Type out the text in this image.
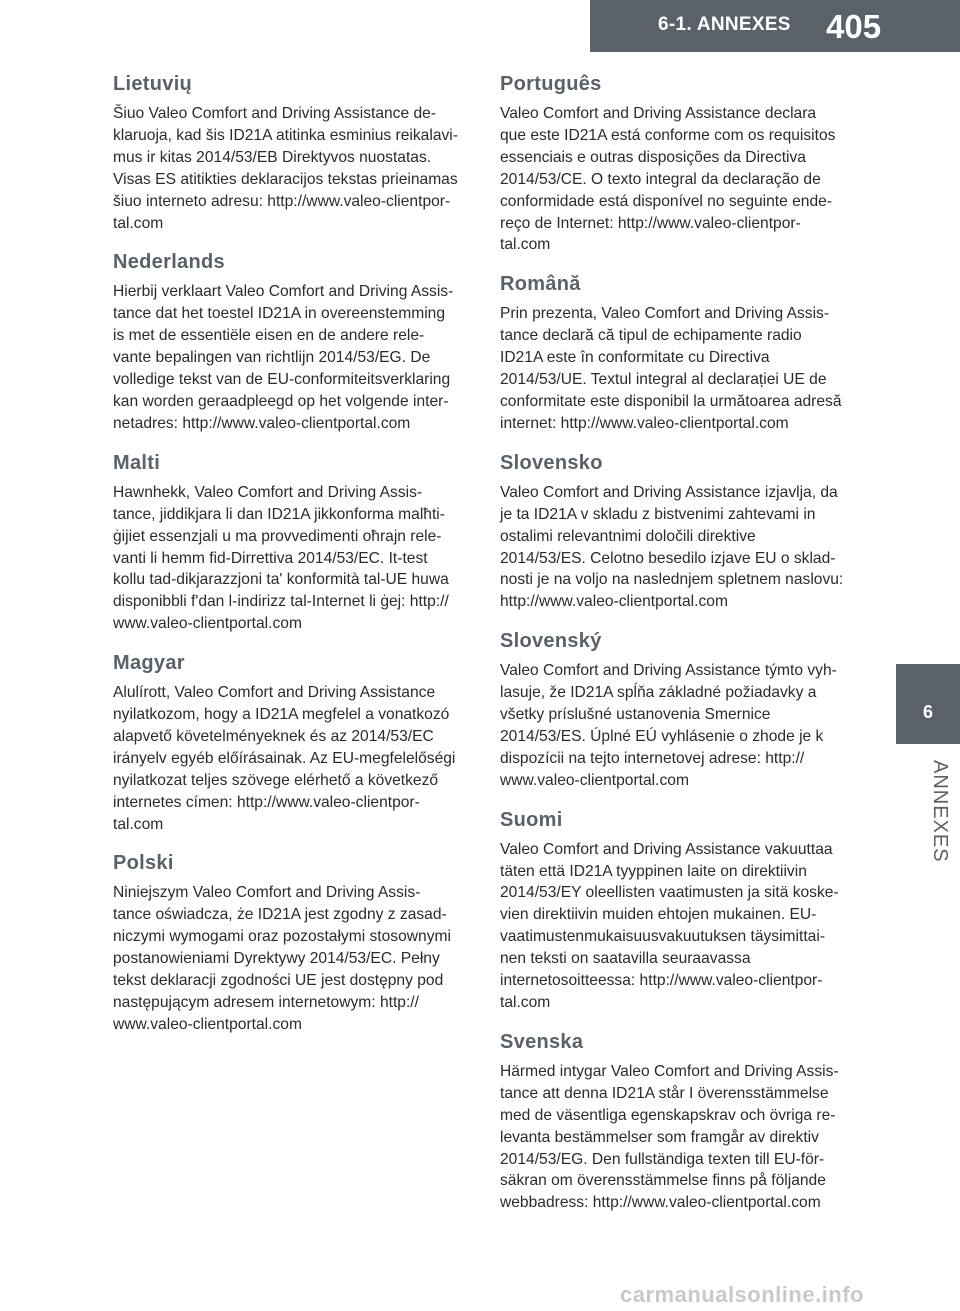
6-1. ANNEXES 405
6
ANNEXES
Lietuvių

Šiuo Valeo Comfort and Driving Assistance de-
klaruoja, kad šis ID21A atitinka esminius reikalavi-
mus ir kitas 2014/53/EB Direktyvos nuostatas.
Visas ES atitikties deklaracijos tekstas prieinamas
šiuo interneto adresu: http://www.valeo-clientpor-
tal.com

Nederlands

Hierbij verklaart Valeo Comfort and Driving Assis-
tance dat het toestel ID21A in overeenstemming
is met de essentiële eisen en de andere rele-
vante bepalingen van richtlijn 2014/53/EG. De
volledige tekst van de EU-conformiteitsverklaring
kan worden geraadpleegd op het volgende inter-
netadres: http://www.valeo-clientportal.com

Malti

Hawnhekk, Valeo Comfort and Driving Assis-
tance, jiddikjara li dan ID21A jikkonforma malħti-
ġijiet essenzjali u ma provvedimenti oħrajn rele-
vanti li hemm fid-Dirrettiva 2014/53/EC. It-test
kollu tad-dikjarazzjoni ta' konformità tal-UE huwa
disponibbli f'dan l-indirizz tal-Internet li ġej: http://
www.valeo-clientportal.com

Magyar

Alulírott, Valeo Comfort and Driving Assistance
nyilatkozom, hogy a ID21A megfelel a vonatkozó
alapvető követelményeknek és az 2014/53/EC
irányelv egyéb előírásainak. Az EU-megfelelőségi
nyilatkozat teljes szövege elérhető a következő
internetes címen: http://www.valeo-clientpor-
tal.com

Polski

Niniejszym Valeo Comfort and Driving Assis-
tance oświadcza, że ID21A jest zgodny z zasad-
niczymi wymogami oraz pozostałymi stosownymi
postanowieniami Dyrektywy 2014/53/EC. Pełny
tekst deklaracji zgodności UE jest dostępny pod
następującym adresem internetowym: http://
www.valeo-clientportal.com

Português

Valeo Comfort and Driving Assistance declara
que este ID21A está conforme com os requisitos
essenciais e outras disposições da Directiva
2014/53/CE. O texto integral da declaração de
conformidade está disponível no seguinte ende-
reço de Internet: http://www.valeo-clientpor-
tal.com

Română

Prin prezenta, Valeo Comfort and Driving Assis-
tance declară că tipul de echipamente radio
ID21A este în conformitate cu Directiva
2014/53/UE. Textul integral al declarației UE de
conformitate este disponibil la următoarea adresă
internet: http://www.valeo-clientportal.com

Slovensko

Valeo Comfort and Driving Assistance izjavlja, da
je ta ID21A v skladu z bistvenimi zahtevami in
ostalimi relevantnimi določili direktive
2014/53/ES. Celotno besedilo izjave EU o sklad-
nosti je na voljo na naslednjem spletnem naslovu:
http://www.valeo-clientportal.com

Slovenský

Valeo Comfort and Driving Assistance týmto vyh-
lasuje, že ID21A spĺňa základné požiadavky a
všetky príslušné ustanovenia Smernice
2014/53/ES. Úplné EÚ vyhlásenie o zhode je k
dispozícii na tejto internetovej adrese: http://
www.valeo-clientportal.com

Suomi

Valeo Comfort and Driving Assistance vakuuttaa
täten että ID21A tyyppinen laite on direktiivin
2014/53/EY oleellisten vaatimusten ja sitä koske-
vien direktiivin muiden ehtojen mukainen. EU-
vaatimustenmukaisuusvakuutuksen täysimittai-
nen teksti on saatavilla seuraavassa
internetosoitteessa: http://www.valeo-clientpor-
tal.com

Svenska

Härmed intygar Valeo Comfort and Driving Assis-
tance att denna ID21A står I överensstämmelse
med de väsentliga egenskapskrav och övriga re-
levanta bestämmelser som framgår av direktiv
2014/53/EG. Den fullständiga texten till EU-för-
säkran om överensstämmelse finns på följande
webbadress: http://www.valeo-clientportal.com

carmanualsonline.info
